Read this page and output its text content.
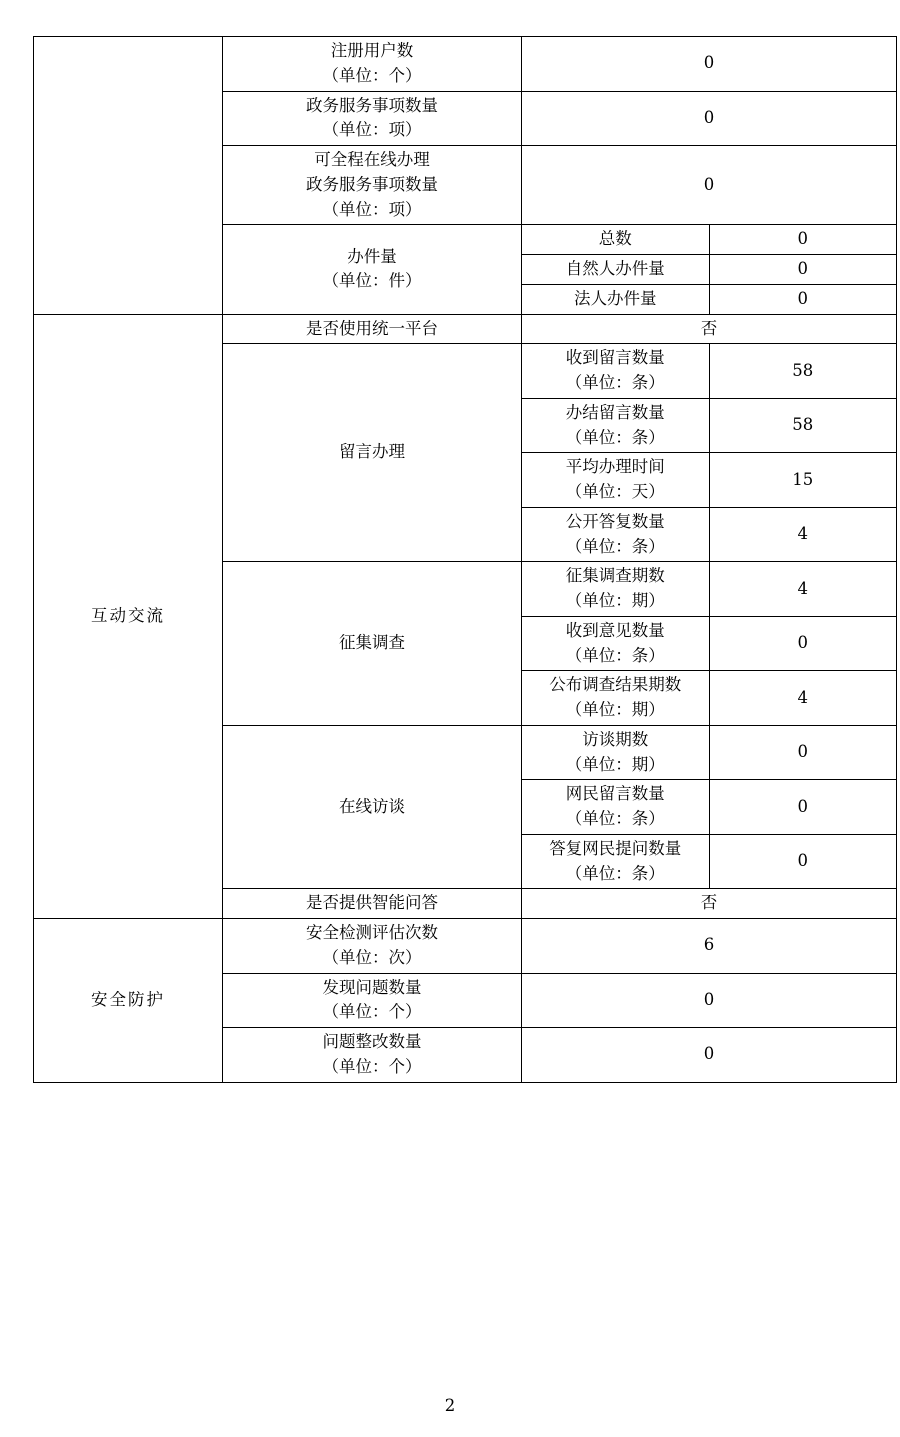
	注册用户数
（单位：个）	0	

	政务服务事项数量
（单位：项）	0	

	可全程在线办理
政务服务事项数量
（单位：项）	0	

	办件量
（单位：件）	总数	0
		自然人办件量	0
		法人办件量	0
互动交流	是否使用统一平台	否	
	留言办理	收到留言数量
（单位：条）	58

		办结留言数量
（单位：条）	58

		平均办理时间
（单位：天）	15

		公开答复数量
（单位：条）	4
	征集调查	征集调查期数
（单位：期）	4

		收到意见数量
（单位：条）	0

		公布调查结果期数
（单位：期）	4
	在线访谈	访谈期数
（单位：期）	0

		网民留言数量
（单位：条）	0

		答复网民提问数量
（单位：条）	0
	是否提供智能问答	否	
安全防护	安全检测评估次数
（单位：次）	6	

	发现问题数量
（单位：个）	0	

	问题整改数量
（单位：个）	0	
2
